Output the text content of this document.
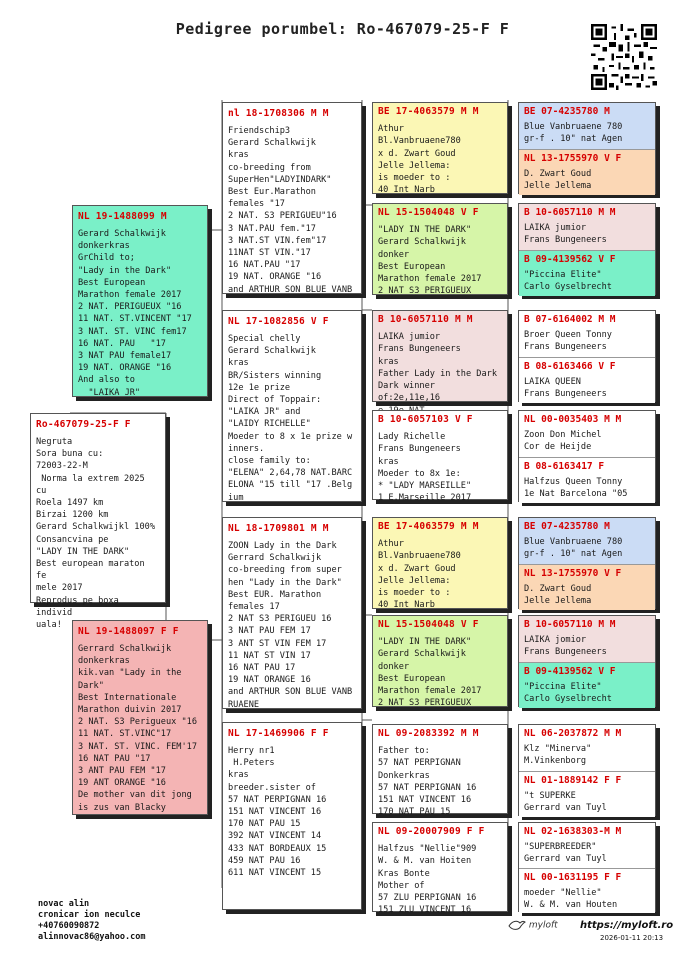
Pedigree porumbel: Ro-467079-25-F F
Ro-467079-25-F F
Negruta
Sora buna cu:
72003-22-M
Norma la extrem 2025 cu
Roela 1497 km
Birzai 1200 km
Gerard Schalkwijkl 100%
Consancvina pe
"LADY IN THE DARK"
Best european maraton fe
mele 2017
Reprodus pe boxa individ
uala!
NL 19-1488099 M
Gerard Schalkwijk
donkerkras
GrChild to;
"Lady in the Dark"
Best European
Marathon female 2017
2 NAT. PERIGUEUX "16
11 NAT. ST.VINCENT "17
3 NAT. ST. VINC fem17
16 NAT. PAU   "17
3 NAT PAU female17
19 NAT. ORANGE "16
And also to
"LAIKA JR"
NL 19-1488097 F F
Gerrard Schalkwijk
donkerkras
kik.van "Lady in the
Dark"
Best Internationale
Marathon duivin 2017
2 NAT. S3 Perigueux "16
11 NAT. ST.VINC"17
3 NAT. ST. VINC. FEM'17
16 NAT PAU "17
3 ANT PAU FEM "17
19 ANT ORANGE "16
De mother van dit jong
is zus van Blacky
nl 18-1708306 M M
Friendschip3
Gerard Schalkwijk
kras
co-breeding from
SuperHen"LADYINDARK"
Best Eur.Marathon
females "17
2 NAT. S3 PERIGUEU"16
3 NAT.PAU fem."17
3 NAT.ST VIN.fem"17
11NAT ST VIN."17
16 NAT.PAU "17
19 NAT. ORANGE "16
and ARTHUR SON BLUE VANB
NL 17-1082856 V F
Special chelly
Gerard Schalkwijk
kras
BR/Sisters winning
12e 1e prize
Direct of Toppair:
"LAIKA JR" and
"LAIDY RICHELLE"
Moeder to 8 x 1e prize w
inners.
close family to:
"ELENA" 2,64,78 NAT.BARC
ELONA "15 till "17 .Belg
ium
NL 18-1709801 M M
ZOON Lady in the Dark
Gerrard Schalkwijk
co-breeding from super
hen "Lady in the Dark"
Best EUR. Marathon
females 17
2 NAT S3 PERIGUEU 16
3 NAT PAU FEM 17
3 ANT ST VIN FEM 17
11 NAT ST VIN 17
16 NAT PAU 17
19 NAT ORANGE 16
and ARTHUR SON BLUE VANB
RUAENE
NL 17-1469906 F F
Herry nr1
H.Peters
kras
breeder.sister of
57 NAT PERPIGNAN 16
151 NAT VINCENT 16
170 NAT PAU 15
392 NAT VINCENT 14
433 NAT BORDEAUX 15
459 NAT PAU 16
611 NAT VINCENT 15
BE 17-4063579 M M
Athur
Bl.Vanbruaene780
x d. Zwart Goud
Jelle Jellema:
is moeder to :
40 Int Narb
NL 15-1504048 V F
"LADY IN THE DARK"
Gerard Schalkwijk
donker
Best European
Marathon female 2017
2 NAT S3 PERIGUEUX
B 10-6057110 M M
LAIKA jumior
Frans Bungeneers
kras
Father Lady in the Dark
Dark winner of:2e,11e,16

B 10-6057103 V F
Lady Richelle
Frans Bungeneers
kras
Moeder to 8x 1e:
* "LADY MARSEILLE"
1 E.Marseille 2017
BE 17-4063579 M M
Athur
Bl.Vanbruaene780
x d. Zwart Goud
Jelle Jellema:
is moeder to :
40 Int Narb
NL 15-1504048 V F
"LADY IN THE DARK"
Gerard Schalkwijk
donker
Best European
Marathon female 2017
2 NAT S3 PERIGUEUX
NL 09-2083392 M M
Father to:
57 NAT PERPIGNAN
Donkerkras
57 NAT PERPIGNAN 16
151 NAT VINCENT 16
170 NAT PAU 15
NL 09-20007909 F F
Halfzus "Nellie"909
W. & M. van Hoiten
Kras Bonte
Mother of
57 ZLU PERPIGNAN 16
151 ZLU VINCENT 16
BE 07-4235780 M
Blue Vanbruaene 780
gr-f . 10" nat Agen
NL 13-1755970 V F
D. Zwart Goud
Jelle Jellema
B 10-6057110 M M
LAIKA jumior
Frans Bungeneers
B 09-4139562 V F
"Piccina Elite"
Carlo Gyselbrecht
B 07-6164002 M M
Broer Queen Tonny
Frans Bungeneers
B 08-6163466 V F
LAIKA QUEEN
Frans Bungeneers
NL 00-0035403 M M
Zoon Don Michel
Cor de Heijde
B 08-6163417 F
Halfzus Queen Tonny
1e Nat Barcelona "05
BE 07-4235780 M
Blue Vanbruaene 780
gr-f . 10" nat Agen
NL 13-1755970 V F
D. Zwart Goud
Jelle Jellema
B 10-6057110 M M
LAIKA jomior
Frans Bungeneers
B 09-4139562 V F
"Piccina Elite"
Carlo Gyselbrecht
NL 06-2037872 M M
Klz "Minerva"
M.Vinkenborg
NL 01-1889142 F F
"t SUPERKE
Gerrard van Tuyl
NL 02-1638303-M M
"SUPERBREEDER"
Gerrard van Tuyl
NL 00-1631195 F F
moeder "Nellie"
W. & M. van Houten
novac alin
cronicar ion neculce
+40760090872
alinnovac86@yahoo.com
myloft https://myloft.ro
2026-01-11 20:13
